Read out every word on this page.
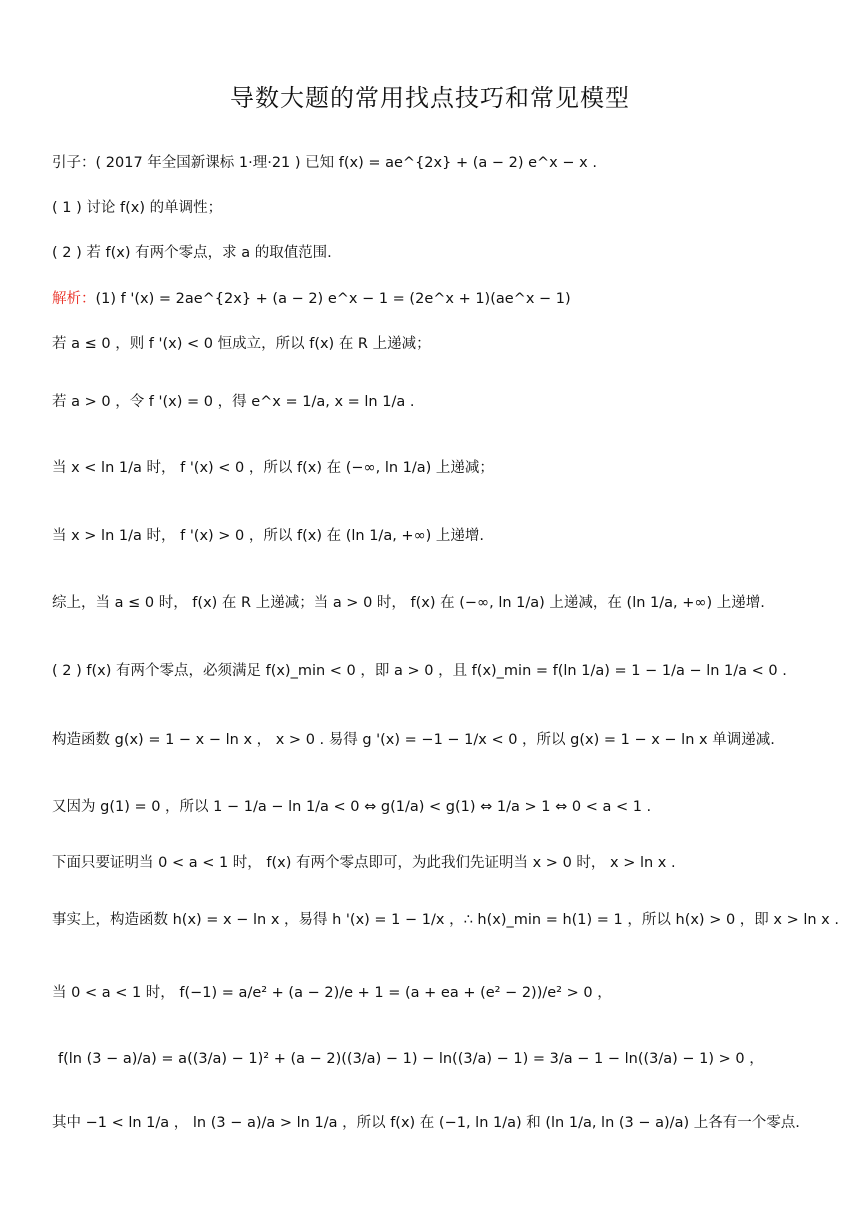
导数大题的常用找点技巧和常见模型
引子：( 2017 年全国新课标 1·理·21 ) 已知 f(x) = ae^{2x} + (a − 2) e^x − x .
( 1 ) 讨论 f(x) 的单调性；
( 2 ) 若 f(x) 有两个零点，求 a 的取值范围.
解析：(1) f '(x) = 2ae^{2x} + (a − 2) e^x − 1 = (2e^x + 1)(ae^x − 1)
若 a ≤ 0 ，则 f '(x) < 0 恒成立，所以 f(x) 在 R 上递减；
若 a > 0 ，令 f '(x) = 0 ，得 e^x = 1/a, x = ln 1/a .
当 x < ln 1/a 时， f '(x) < 0 ，所以 f(x) 在 (−∞, ln 1/a) 上递减；
当 x > ln 1/a 时， f '(x) > 0 ，所以 f(x) 在 (ln 1/a, +∞) 上递增.
综上，当 a ≤ 0 时， f(x) 在 R 上递减；当 a > 0 时， f(x) 在 (−∞, ln 1/a) 上递减，在 (ln 1/a, +∞) 上递增.
( 2 ) f(x) 有两个零点，必须满足 f(x)_min < 0 ，即 a > 0 ，且 f(x)_min = f(ln 1/a) = 1 − 1/a − ln 1/a < 0 .
构造函数 g(x) = 1 − x − ln x ， x > 0 . 易得 g '(x) = −1 − 1/x < 0 ，所以 g(x) = 1 − x − ln x 单调递减.
又因为 g(1) = 0 ，所以 1 − 1/a − ln 1/a < 0 ⇔ g(1/a) < g(1) ⇔ 1/a > 1 ⇔ 0 < a < 1 .
下面只要证明当 0 < a < 1 时， f(x) 有两个零点即可，为此我们先证明当 x > 0 时， x > ln x .
事实上，构造函数 h(x) = x − ln x ，易得 h '(x) = 1 − 1/x ，∴ h(x)_min = h(1) = 1 ，所以 h(x) > 0 ，即 x > ln x .
当 0 < a < 1 时， f(−1) = a/e² + (a − 2)/e + 1 = (a + ea + (e² − 2))/e² > 0 ，
f(ln (3 − a)/a) = a((3/a) − 1)² + (a − 2)((3/a) − 1) − ln((3/a) − 1) = 3/a − 1 − ln((3/a) − 1) > 0 ，
其中 −1 < ln 1/a ， ln (3 − a)/a > ln 1/a ，所以 f(x) 在 (−1, ln 1/a) 和 (ln 1/a, ln (3 − a)/a) 上各有一个零点.
